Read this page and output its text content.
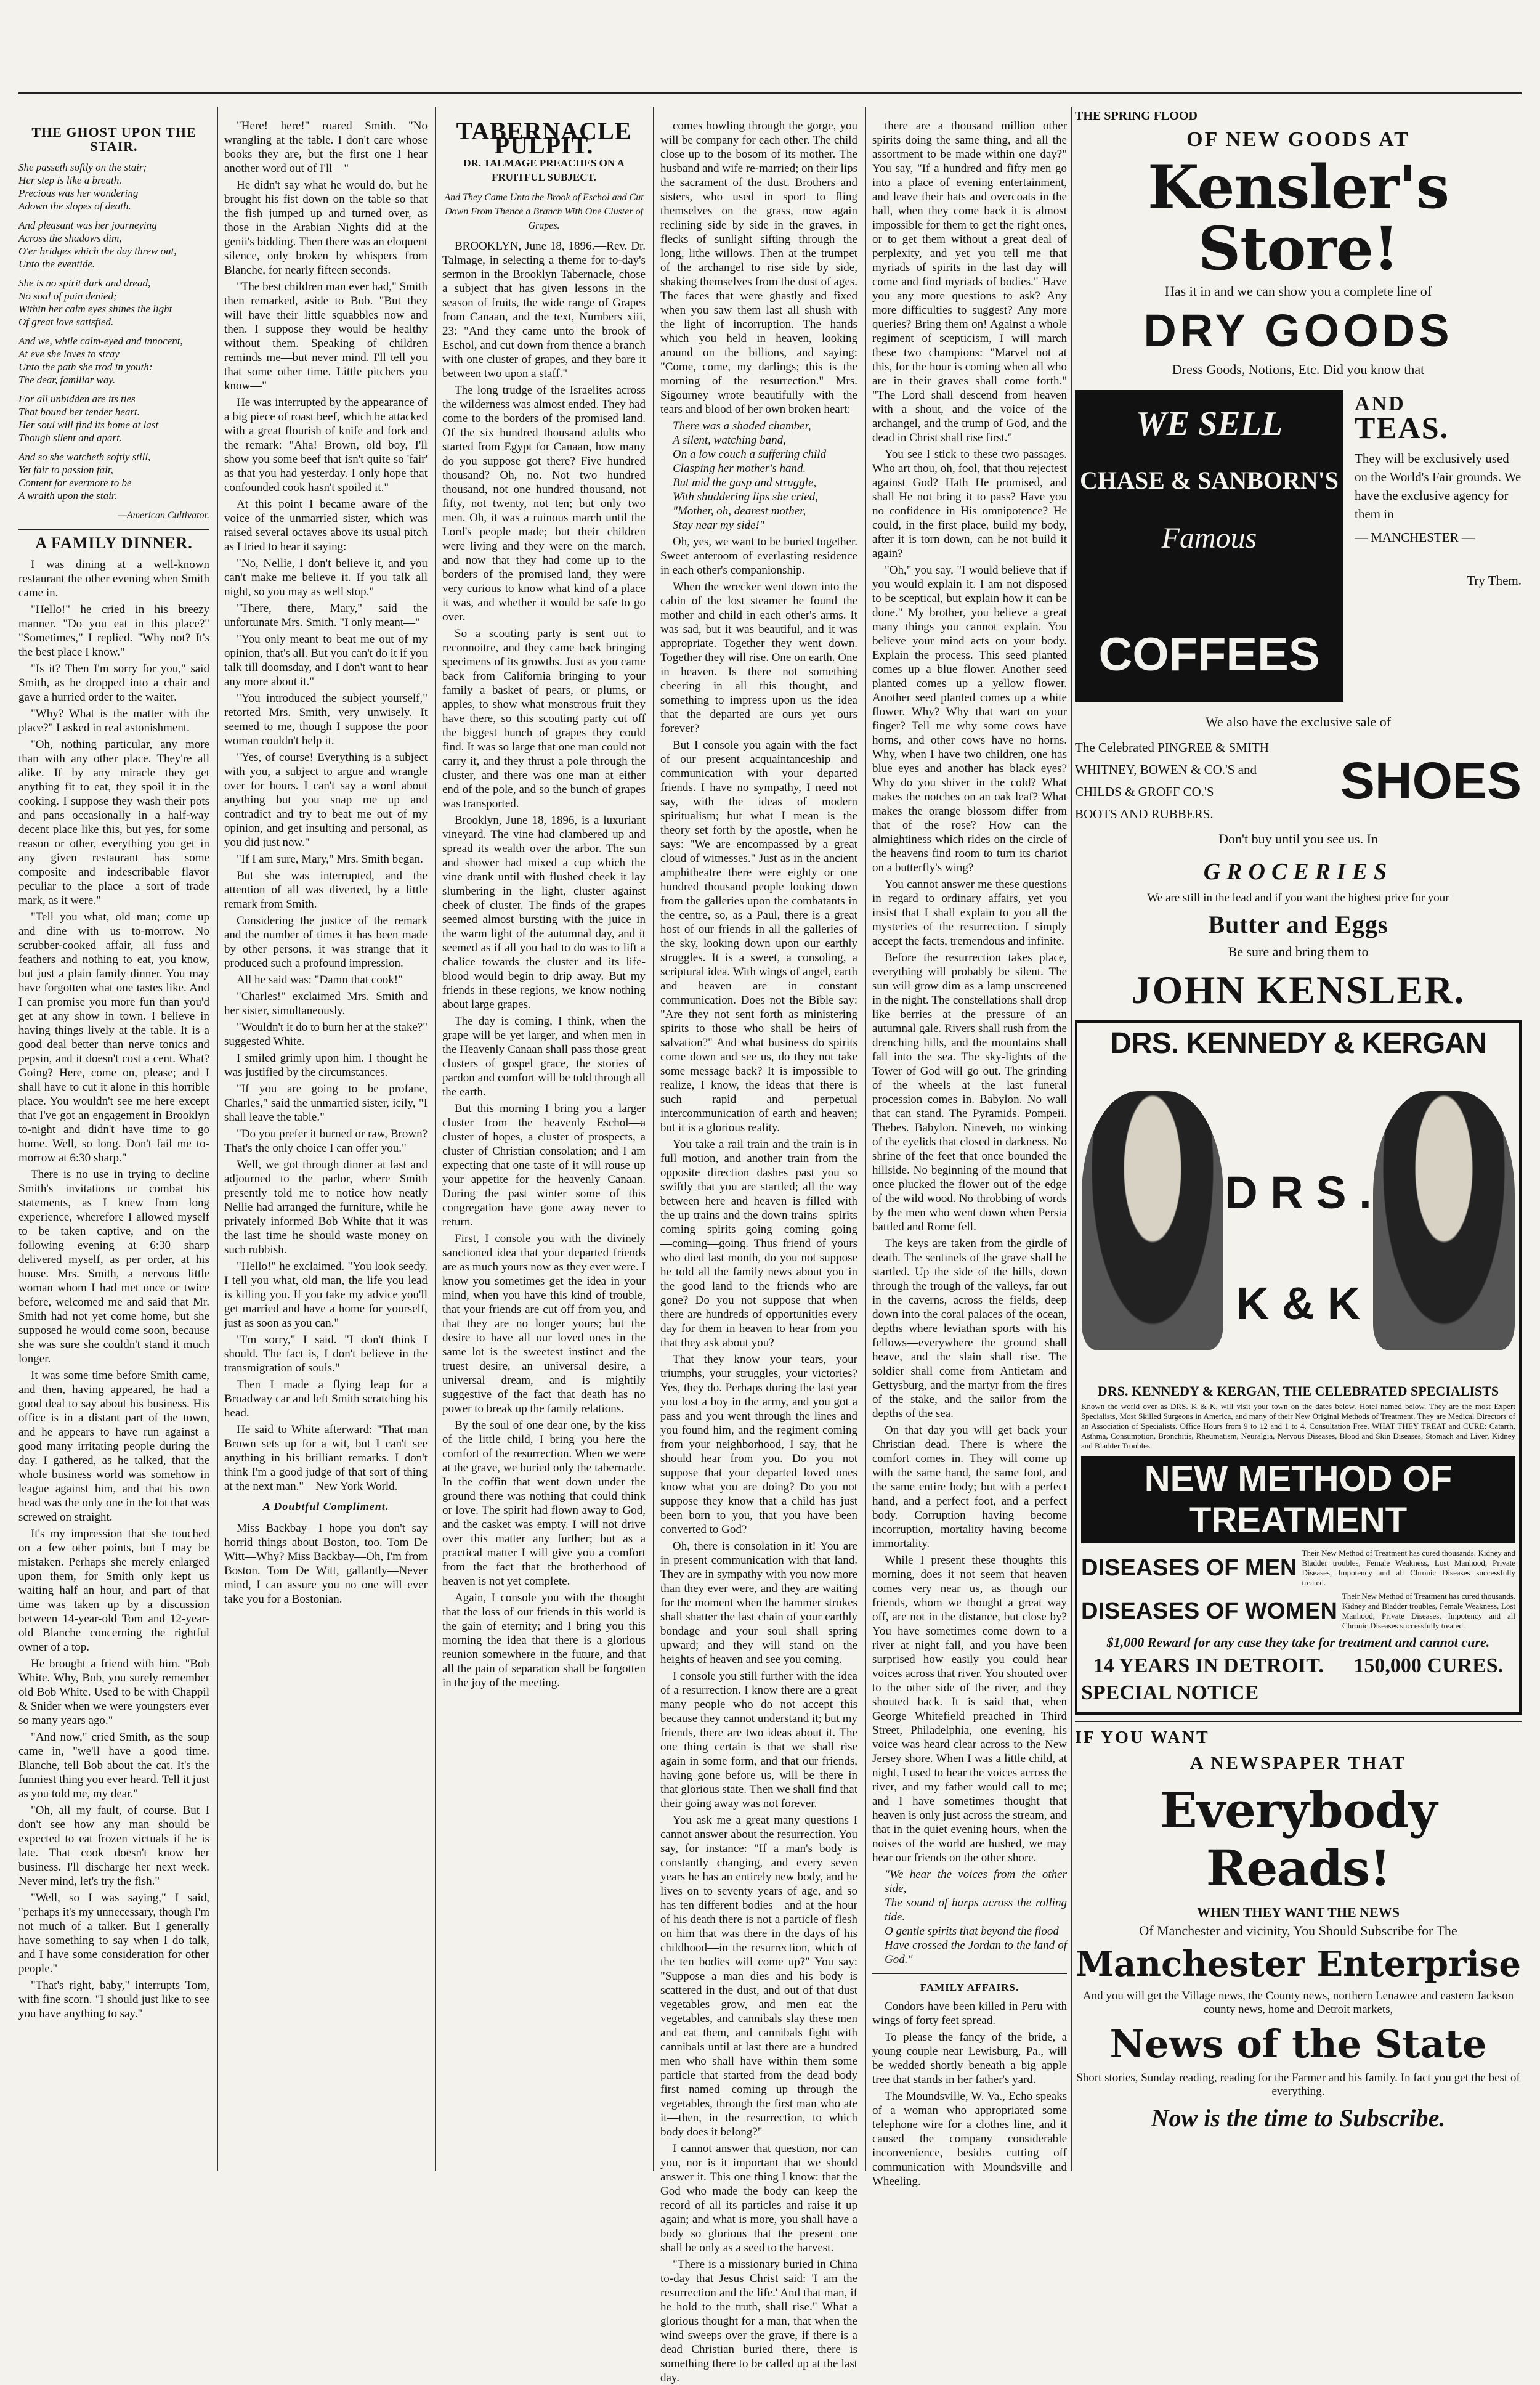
THE GHOST UPON THE STAIR.

She passeth softly on the stair;
Her step is like a breath.
Precious was her wondering
Adown the slopes of death.

And pleasant was her journeying
Across the shadows dim,
O'er bridges which the day threw out,
Unto the eventide.

She is no spirit dark and dread,
No soul of pain denied;
Within her calm eyes shines the light
Of great love satisfied.

And we, while calm-eyed and innocent,
At eve she loves to stray
Unto the path she trod in youth:
The dear, familiar way.

For all unbidden are its ties
That bound her tender heart.
Her soul will find its home at last
Though silent and apart.

And so she watcheth softly still,
Yet fair to passion fair,
Content for evermore to be
A wraith upon the stair.

—American Cultivator.
A FAMILY DINNER.

I was dining at a well-known restaurant the other evening when Smith came in.

"Hello!" he cried in his breezy manner. "Do you eat in this place?" "Sometimes," I replied. "Why not? It's the best place I know."

"Is it? Then I'm sorry for you," said Smith, as he dropped into a chair and gave a hurried order to the waiter.

"Why? What is the matter with the place?" I asked in real astonishment.

"Oh, nothing particular, any more than with any other place. They're all alike. If by any miracle they get anything fit to eat, they spoil it in the cooking. I suppose they wash their pots and pans occasionally in a half-way decent place like this, but yes, for some reason or other, everything you get in any given restaurant has some composite and indescribable flavor peculiar to the place—a sort of trade mark, as it were."

"Tell you what, old man; come up and dine with us to-morrow. No scrubber-cooked affair, all fuss and feathers and nothing to eat, you know, but just a plain family dinner. You may have forgotten what one tastes like. And I can promise you more fun than you'd get at any show in town. I believe in having things lively at the table. It is a good deal better than nerve tonics and pepsin, and it doesn't cost a cent. What? Going? Here, come on, please; and I shall have to cut it alone in this horrible place. You wouldn't see me here except that I've got an engagement in Brooklyn to-night and didn't have time to go home. Well, so long. Don't fail me to-morrow at 6:30 sharp."

There is no use in trying to decline Smith's invitations or combat his statements, as I knew from long experience, wherefore I allowed myself to be taken captive, and on the following evening at 6:30 sharp delivered myself, as per order, at his house. Mrs. Smith, a nervous little woman whom I had met once or twice before, welcomed me and said that Mr. Smith had not yet come home, but she supposed he would come soon, because she was sure she couldn't stand it much longer.

It was some time before Smith came, and then, having appeared, he had a good deal to say about his business. His office is in a distant part of the town, and he appears to have run against a good many irritating people during the day. I gathered, as he talked, that the whole business world was somehow in league against him, and that his own head was the only one in the lot that was screwed on straight.

It's my impression that she touched on a few other points, but I may be mistaken. Perhaps she merely enlarged upon them, for Smith only kept us waiting half an hour, and part of that time was taken up by a discussion between 14-year-old Tom and 12-year-old Blanche concerning the rightful owner of a top.

He brought a friend with him. "Bob White. Why, Bob, you surely remember old Bob White. Used to be with Chappil & Snider when we were youngsters ever so many years ago."

"And now," cried Smith, as the soup came in, "we'll have a good time. Blanche, tell Bob about the cat. It's the funniest thing you ever heard. Tell it just as you told me, my dear."

"Oh, all my fault, of course. But I don't see how any man should be expected to eat frozen victuals if he is late. That cook doesn't know her business. I'll discharge her next week. Never mind, let's try the fish."

"Well, so I was saying," I said, "perhaps it's my unnecessary, though I'm not much of a talker. But I generally have something to say when I do talk, and I have some consideration for other people."

"That's right, baby," interrupts Tom, with fine scorn. "I should just like to see you have anything to say."

"Here! here!" roared Smith. "No wrangling at the table. I don't care whose books they are, but the first one I hear another word out of I'll—"

He didn't say what he would do, but he brought his fist down on the table so that the fish jumped up and turned over, as those in the Arabian Nights did at the genii's bidding. Then there was an eloquent silence, only broken by whispers from Blanche, for nearly fifteen seconds.

"The best children man ever had," Smith then remarked, aside to Bob. "But they will have their little squabbles now and then. I suppose they would be healthy without them. Speaking of children reminds me—but never mind. I'll tell you that some other time. Little pitchers you know—"

He was interrupted by the appearance of a big piece of roast beef, which he attacked with a great flourish of knife and fork and the remark: "Aha! Brown, old boy, I'll show you some beef that isn't quite so 'fair' as that you had yesterday. I only hope that confounded cook hasn't spoiled it."

At this point I became aware of the voice of the unmarried sister, which was raised several octaves above its usual pitch as I tried to hear it saying:

"No, Nellie, I don't believe it, and you can't make me believe it. If you talk all night, so you may as well stop."

"There, there, Mary," said the unfortunate Mrs. Smith. "I only meant—"

"You only meant to beat me out of my opinion, that's all. But you can't do it if you talk till doomsday, and I don't want to hear any more about it."

"You introduced the subject yourself," retorted Mrs. Smith, very unwisely. It seemed to me, though I suppose the poor woman couldn't help it.

"Yes, of course! Everything is a subject with you, a subject to argue and wrangle over for hours. I can't say a word about anything but you snap me up and contradict and try to beat me out of my opinion, and get insulting and personal, as you did just now."

"If I am sure, Mary," Mrs. Smith began.

But she was interrupted, and the attention of all was diverted, by a little remark from Smith.

Considering the justice of the remark and the number of times it has been made by other persons, it was strange that it produced such a profound impression.

All he said was: "Damn that cook!"

"Charles!" exclaimed Mrs. Smith and her sister, simultaneously.

"Wouldn't it do to burn her at the stake?" suggested White.

I smiled grimly upon him. I thought he was justified by the circumstances.

"If you are going to be profane, Charles," said the unmarried sister, icily, "I shall leave the table."

"Do you prefer it burned or raw, Brown? That's the only choice I can offer you."

Well, we got through dinner at last and adjourned to the parlor, where Smith presently told me to notice how neatly Nellie had arranged the furniture, while he privately informed Bob White that it was the last time he should waste money on such rubbish.

"Hello!" he exclaimed. "You look seedy. I tell you what, old man, the life you lead is killing you. If you take my advice you'll get married and have a home for yourself, just as soon as you can."

"I'm sorry," I said. "I don't think I should. The fact is, I don't believe in the transmigration of souls."

Then I made a flying leap for a Broadway car and left Smith scratching his head.

He said to White afterward: "That man Brown sets up for a wit, but I can't see anything in his brilliant remarks. I don't think I'm a good judge of that sort of thing at the next man."—New York World.

A Doubtful Compliment.

Miss Backbay—I hope you don't say horrid things about Boston, too. Tom De Witt—Why? Miss Backbay—Oh, I'm from Boston. Tom De Witt, gallantly—Never mind, I can assure you no one will ever take you for a Bostonian.

TABERNACLE PULPIT.
DR. TALMAGE PREACHES ON A FRUITFUL SUBJECT.
And They Came Unto the Brook of Eschol and Cut Down From Thence a Branch With One Cluster of Grapes.

BROOKLYN, June 18, 1896.—Rev. Dr. Talmage, in selecting a theme for to-day's sermon in the Brooklyn Tabernacle, chose a subject that has given lessons in the season of fruits, the wide range of Grapes from Canaan, and the text, Numbers xiii, 23: "And they came unto the brook of Eschol, and cut down from thence a branch with one cluster of grapes, and they bare it between two upon a staff."

The long trudge of the Israelites across the wilderness was almost ended. They had come to the borders of the promised land. Of the six hundred thousand adults who started from Egypt for Canaan, how many do you suppose got there? Five hundred thousand? Oh, no. Not two hundred thousand, not one hundred thousand, not fifty, not twenty, not ten; but only two men. Oh, it was a ruinous march until the Lord's people made; but their children were living and they were on the march, and now that they had come up to the borders of the promised land, they were very curious to know what kind of a place it was, and whether it would be safe to go over.

So a scouting party is sent out to reconnoitre, and they came back bringing specimens of its growths. Just as you came back from California bringing to your family a basket of pears, or plums, or apples, to show what monstrous fruit they have there, so this scouting party cut off the biggest bunch of grapes they could find. It was so large that one man could not carry it, and they thrust a pole through the cluster, and there was one man at either end of the pole, and so the bunch of grapes was transported.

Brooklyn, June 18, 1896, is a luxuriant vineyard. The vine had clambered up and spread its wealth over the arbor. The sun and shower had mixed a cup which the vine drank until with flushed cheek it lay slumbering in the light, cluster against cheek of cluster. The finds of the grapes seemed almost bursting with the juice in the warm light of the autumnal day, and it seemed as if all you had to do was to lift a chalice towards the cluster and its life-blood would begin to drip away. But my friends in these regions, we know nothing about large grapes.

The day is coming, I think, when the grape will be yet larger, and when men in the Heavenly Canaan shall pass those great clusters of gospel grace, the stories of pardon and comfort will be told through all the earth.

But this morning I bring you a larger cluster from the heavenly Eschol—a cluster of hopes, a cluster of prospects, a cluster of Christian consolation; and I am expecting that one taste of it will rouse up your appetite for the heavenly Canaan. During the past winter some of this congregation have gone away never to return.

First, I console you with the divinely sanctioned idea that your departed friends are as much yours now as they ever were. I know you sometimes get the idea in your mind, when you have this kind of trouble, that your friends are cut off from you, and that they are no longer yours; but the desire to have all our loved ones in the same lot is the sweetest instinct and the truest desire, an universal desire, a universal dream, and is mightily suggestive of the fact that death has no power to break up the family relations.

By the soul of one dear one, by the kiss of the little child, I bring you here the comfort of the resurrection. When we were at the grave, we buried only the tabernacle. In the coffin that went down under the ground there was nothing that could think or love. The spirit had flown away to God, and the casket was empty. I will not drive over this matter any further; but as a practical matter I will give you a comfort from the fact that the brotherhood of heaven is not yet complete.

Again, I console you with the thought that the loss of our friends in this world is the gain of eternity; and I bring you this morning the idea that there is a glorious reunion somewhere in the future, and that all the pain of separation shall be forgotten in the joy of the meeting.

comes howling through the gorge, you will be company for each other. The child close up to the bosom of its mother. The husband and wife re-married; on their lips the sacrament of the dust. Brothers and sisters, who used in sport to fling themselves on the grass, now again reclining side by side in the graves, in flecks of sunlight sifting through the long, lithe willows. Then at the trumpet of the archangel to rise side by side, shaking themselves from the dust of ages. The faces that were ghastly and fixed when you saw them last all shush with the light of incorruption. The hands which you held in heaven, looking around on the billions, and saying: "Come, come, my darlings; this is the morning of the resurrection." Mrs. Sigourney wrote beautifully with the tears and blood of her own broken heart:

There was a shaded chamber,
A silent, watching band,
On a low couch a suffering child
Clasping her mother's hand.
But mid the gasp and struggle,
With shuddering lips she cried,
"Mother, oh, dearest mother,
Stay near my side!"

Oh, yes, we want to be buried together. Sweet anteroom of everlasting residence in each other's companionship.

When the wrecker went down into the cabin of the lost steamer he found the mother and child in each other's arms. It was sad, but it was beautiful, and it was appropriate. Together they went down. Together they will rise. One on earth. One in heaven. Is there not something cheering in all this thought, and something to impress upon us the idea that the departed are ours yet—ours forever?

But I console you again with the fact of our present acquaintanceship and communication with your departed friends. I have no sympathy, I need not say, with the ideas of modern spiritualism; but what I mean is the theory set forth by the apostle, when he says: "We are encompassed by a great cloud of witnesses." Just as in the ancient amphitheatre there were eighty or one hundred thousand people looking down from the galleries upon the combatants in the centre, so, as a Paul, there is a great host of our friends in all the galleries of the sky, looking down upon our earthly struggles. It is a sweet, a consoling, a scriptural idea. With wings of angel, earth and heaven are in constant communication. Does not the Bible say: "Are they not sent forth as ministering spirits to those who shall be heirs of salvation?" And what business do spirits come down and see us, do they not take some message back? It is impossible to realize, I know, the ideas that there is such rapid and perpetual intercommunication of earth and heaven; but it is a glorious reality.

You take a rail train and the train is in full motion, and another train from the opposite direction dashes past you so swiftly that you are startled; all the way between here and heaven is filled with the up trains and the down trains—spirits coming—spirits going—coming—going—coming—going. Thus friend of yours who died last month, do you not suppose he told all the family news about you in the good land to the friends who are gone? Do you not suppose that when there are hundreds of opportunities every day for them in heaven to hear from you that they ask about you?

That they know your tears, your triumphs, your struggles, your victories? Yes, they do. Perhaps during the last year you lost a boy in the army, and you got a pass and you went through the lines and you found him, and the regiment coming from your neighborhood, I say, that he should hear from you. Do you not suppose that your departed loved ones know what you are doing? Do you not suppose they know that a child has just been born to you, that you have been converted to God?

Oh, there is consolation in it! You are in present communication with that land. They are in sympathy with you now more than they ever were, and they are waiting for the moment when the hammer strokes shall shatter the last chain of your earthly bondage and your soul shall spring upward; and they will stand on the heights of heaven and see you coming.

I console you still further with the idea of a resurrection. I know there are a great many people who do not accept this because they cannot understand it; but my friends, there are two ideas about it. The one thing certain is that we shall rise again in some form, and that our friends, having gone before us, will be there in that glorious state. Then we shall find that their going away was not forever.

You ask me a great many questions I cannot answer about the resurrection. You say, for instance: "If a man's body is constantly changing, and every seven years he has an entirely new body, and he lives on to seventy years of age, and so has ten different bodies—and at the hour of his death there is not a particle of flesh on him that was there in the days of his childhood—in the resurrection, which of the ten bodies will come up?" You say: "Suppose a man dies and his body is scattered in the dust, and out of that dust vegetables grow, and men eat the vegetables, and cannibals slay these men and eat them, and cannibals fight with cannibals until at last there are a hundred men who shall have within them some particle that started from the dead body first named—coming up through the vegetables, through the first man who ate it—then, in the resurrection, to which body does it belong?"

I cannot answer that question, nor can you, nor is it important that we should answer it. This one thing I know: that the God who made the body can keep the record of all its particles and raise it up again; and what is more, you shall have a body so glorious that the present one shall be only as a seed to the harvest.

"There is a missionary buried in China to-day that Jesus Christ said: 'I am the resurrection and the life.' And that man, if he hold to the truth, shall rise." What a glorious thought for a man, that when the wind sweeps over the grave, if there is a dead Christian buried there, there is something there to be called up at the last day.

there are a thousand million other spirits doing the same thing, and all the assortment to be made within one day?" You say, "If a hundred and fifty men go into a place of evening entertainment, and leave their hats and overcoats in the hall, when they come back it is almost impossible for them to get the right ones, or to get them without a great deal of perplexity, and yet you tell me that myriads of spirits in the last day will come and find myriads of bodies." Have you any more questions to ask? Any more difficulties to suggest? Any more queries? Bring them on! Against a whole regiment of scepticism, I will march these two champions: "Marvel not at this, for the hour is coming when all who are in their graves shall come forth." "The Lord shall descend from heaven with a shout, and the voice of the archangel, and the trump of God, and the dead in Christ shall rise first."

You see I stick to these two passages. Who art thou, oh, fool, that thou rejectest against God? Hath He promised, and shall He not bring it to pass? Have you no confidence in His omnipotence? He could, in the first place, build my body, after it is torn down, can he not build it again?

"Oh," you say, "I would believe that if you would explain it. I am not disposed to be sceptical, but explain how it can be done." My brother, you believe a great many things you cannot explain. You believe your mind acts on your body. Explain the process. This seed planted comes up a blue flower. Another seed planted comes up a yellow flower. Another seed planted comes up a white flower. Why? Why that wart on your finger? Tell me why some cows have horns, and other cows have no horns. Why, when I have two children, one has blue eyes and another has black eyes? Why do you shiver in the cold? What makes the notches on an oak leaf? What makes the orange blossom differ from that of the rose? How can the almightiness which rides on the circle of the heavens find room to turn its chariot on a butterfly's wing?

You cannot answer me these questions in regard to ordinary affairs, yet you insist that I shall explain to you all the mysteries of the resurrection. I simply accept the facts, tremendous and infinite.

Before the resurrection takes place, everything will probably be silent. The sun will grow dim as a lamp unscreened in the night. The constellations shall drop like berries at the pressure of an autumnal gale. Rivers shall rush from the drenching hills, and the mountains shall fall into the sea. The sky-lights of the Tower of God will go out. The grinding of the wheels at the last funeral procession comes in. Babylon. No wall that can stand. The Pyramids. Pompeii. Thebes. Babylon. Nineveh, no winking of the eyelids that closed in darkness. No shrine of the feet that once bounded the hillside. No beginning of the mound that once plucked the flower out of the edge of the wild wood. No throbbing of words by the men who went down when Persia battled and Rome fell.

The keys are taken from the girdle of death. The sentinels of the grave shall be startled. Up the side of the hills, down through the trough of the valleys, far out in the caverns, across the fields, deep down into the coral palaces of the ocean, depths where leviathan sports with his fellows—everywhere the ground shall heave, and the slain shall rise. The soldier shall come from Antietam and Gettysburg, and the martyr from the fires of the stake, and the sailor from the depths of the sea.

On that day you will get back your Christian dead. There is where the comfort comes in. They will come up with the same hand, the same foot, and the same entire body; but with a perfect hand, and a perfect foot, and a perfect body. Corruption having become incorruption, mortality having become immortality.

While I present these thoughts this morning, does it not seem that heaven comes very near us, as though our friends, whom we thought a great way off, are not in the distance, but close by? You have sometimes come down to a river at night fall, and you have been surprised how easily you could hear voices across that river. You shouted over to the other side of the river, and they shouted back. It is said that, when George Whitefield preached in Third Street, Philadelphia, one evening, his voice was heard clear across to the New Jersey shore. When I was a little child, at night, I used to hear the voices across the river, and my father would call to me; and I have sometimes thought that heaven is only just across the stream, and that in the quiet evening hours, when the noises of the world are hushed, we may hear our friends on the other shore.

"We hear the voices from the other side,
The sound of harps across the rolling tide.
O gentle spirits that beyond the flood
Have crossed the Jordan to the land of God."

FAMILY AFFAIRS.

Condors have been killed in Peru with wings of forty feet spread.

To please the fancy of the bride, a young couple near Lewisburg, Pa., will be wedded shortly beneath a big apple tree that stands in her father's yard.

The Moundsville, W. Va., Echo speaks of a woman who appropriated some telephone wire for a clothes line, and it caused the company considerable inconvenience, besides cutting off communication with Moundsville and Wheeling.

THE SPRING FLOOD
OF NEW GOODS AT
Kensler's Store!
Has it in and we can show you a complete line of
DRY GOODS
Dress Goods, Notions, Etc. Did you know that
WE SELL
CHASE & SANBORN'S
Famous
COFFEES
AND
TEAS.
They will be exclusively used on the World's Fair grounds. We have the exclusive agency for them in
— MANCHESTER —
Try Them.
We also have the exclusive sale of
The Celebrated PINGREE & SMITH
WHITNEY, BOWEN & CO.'S and
CHILDS & GROFF CO.'S
BOOTS AND RUBBERS.
SHOES
Don't buy until you see us. In
GROCERIES
We are still in the lead and if you want the highest price for your
Butter and Eggs
Be sure and bring them to
JOHN KENSLER.
DRS. KENNEDY & KERGAN

D R S .

K & K

DRS. KENNEDY & KERGAN, THE CELEBRATED SPECIALISTS
Known the world over as DRS. K & K, will visit your town on the dates below. Hotel named below. They are the most Expert Specialists, Most Skilled Surgeons in America, and many of their New Original Methods of Treatment. They are Medical Directors of an Association of Specialists. Office Hours from 9 to 12 and 1 to 4. Consultation Free. WHAT THEY TREAT and CURE: Catarrh, Asthma, Consumption, Bronchitis, Rheumatism, Neuralgia, Nervous Diseases, Blood and Skin Diseases, Stomach and Liver, Kidney and Bladder Troubles.
NEW METHOD OF TREATMENT
DISEASES OF MEN
Their New Method of Treatment has cured thousands. Kidney and Bladder troubles, Female Weakness, Lost Manhood, Private Diseases, Impotency and all Chronic Diseases successfully treated.
DISEASES OF WOMEN
Their New Method of Treatment has cured thousands. Kidney and Bladder troubles, Female Weakness, Lost Manhood, Private Diseases, Impotency and all Chronic Diseases successfully treated.
$1,000 Reward for any case they take for treatment and cannot cure.
14 YEARS IN DETROIT. 150,000 CURES.
SPECIAL NOTICE
IF YOU WANT
A NEWSPAPER THAT
Everybody Reads!
WHEN THEY WANT THE NEWS
Of Manchester and vicinity, You Should Subscribe for The
Manchester Enterprise
And you will get the Village news, the County news, northern Lenawee and eastern Jackson county news, home and Detroit markets,
News of the State
Short stories, Sunday reading, reading for the Farmer and his family. In fact you get the best of everything.
Now is the time to Subscribe.
